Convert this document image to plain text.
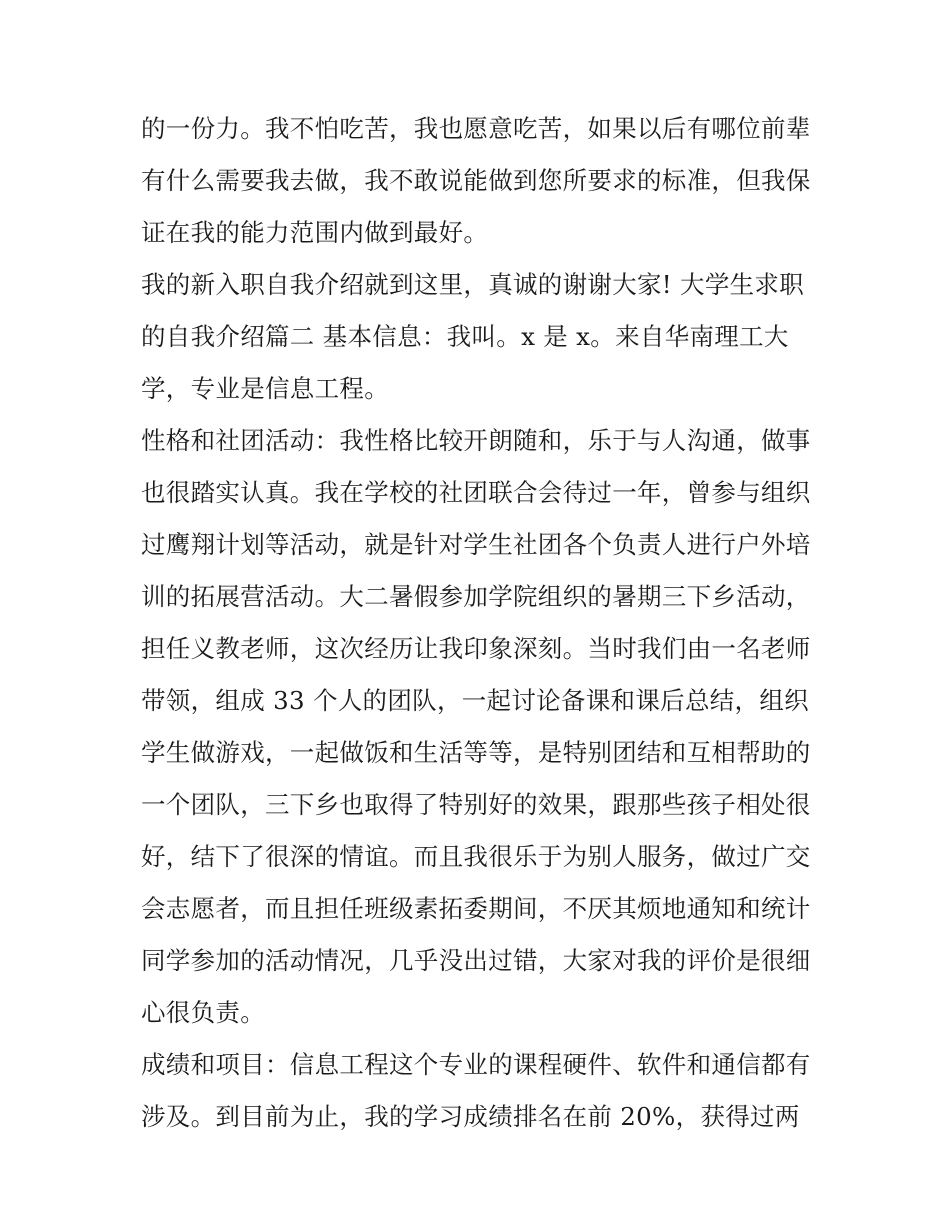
的一份力。我不怕吃苦，我也愿意吃苦，如果以后有哪位前辈
有什么需要我去做，我不敢说能做到您所要求的标准，但我保
证在我的能力范围内做到最好。
我的新入职自我介绍就到这里，真诚的谢谢大家! 大学生求职
的自我介绍篇二 基本信息：我叫。x 是 x。来自华南理工大
学，专业是信息工程。
性格和社团活动：我性格比较开朗随和，乐于与人沟通，做事
也很踏实认真。我在学校的社团联合会待过一年，曾参与组织
过鹰翔计划等活动，就是针对学生社团各个负责人进行户外培
训的拓展营活动。大二暑假参加学院组织的暑期三下乡活动，
担任义教老师，这次经历让我印象深刻。当时我们由一名老师
带领，组成 33 个人的团队，一起讨论备课和课后总结，组织
学生做游戏，一起做饭和生活等等，是特别团结和互相帮助的
一个团队，三下乡也取得了特别好的效果，跟那些孩子相处很
好，结下了很深的情谊。而且我很乐于为别人服务，做过广交
会志愿者，而且担任班级素拓委期间，不厌其烦地通知和统计
同学参加的活动情况，几乎没出过错，大家对我的评价是很细
心很负责。
成绩和项目：信息工程这个专业的课程硬件、软件和通信都有
涉及。到目前为止，我的学习成绩排名在前 20%，获得过两
